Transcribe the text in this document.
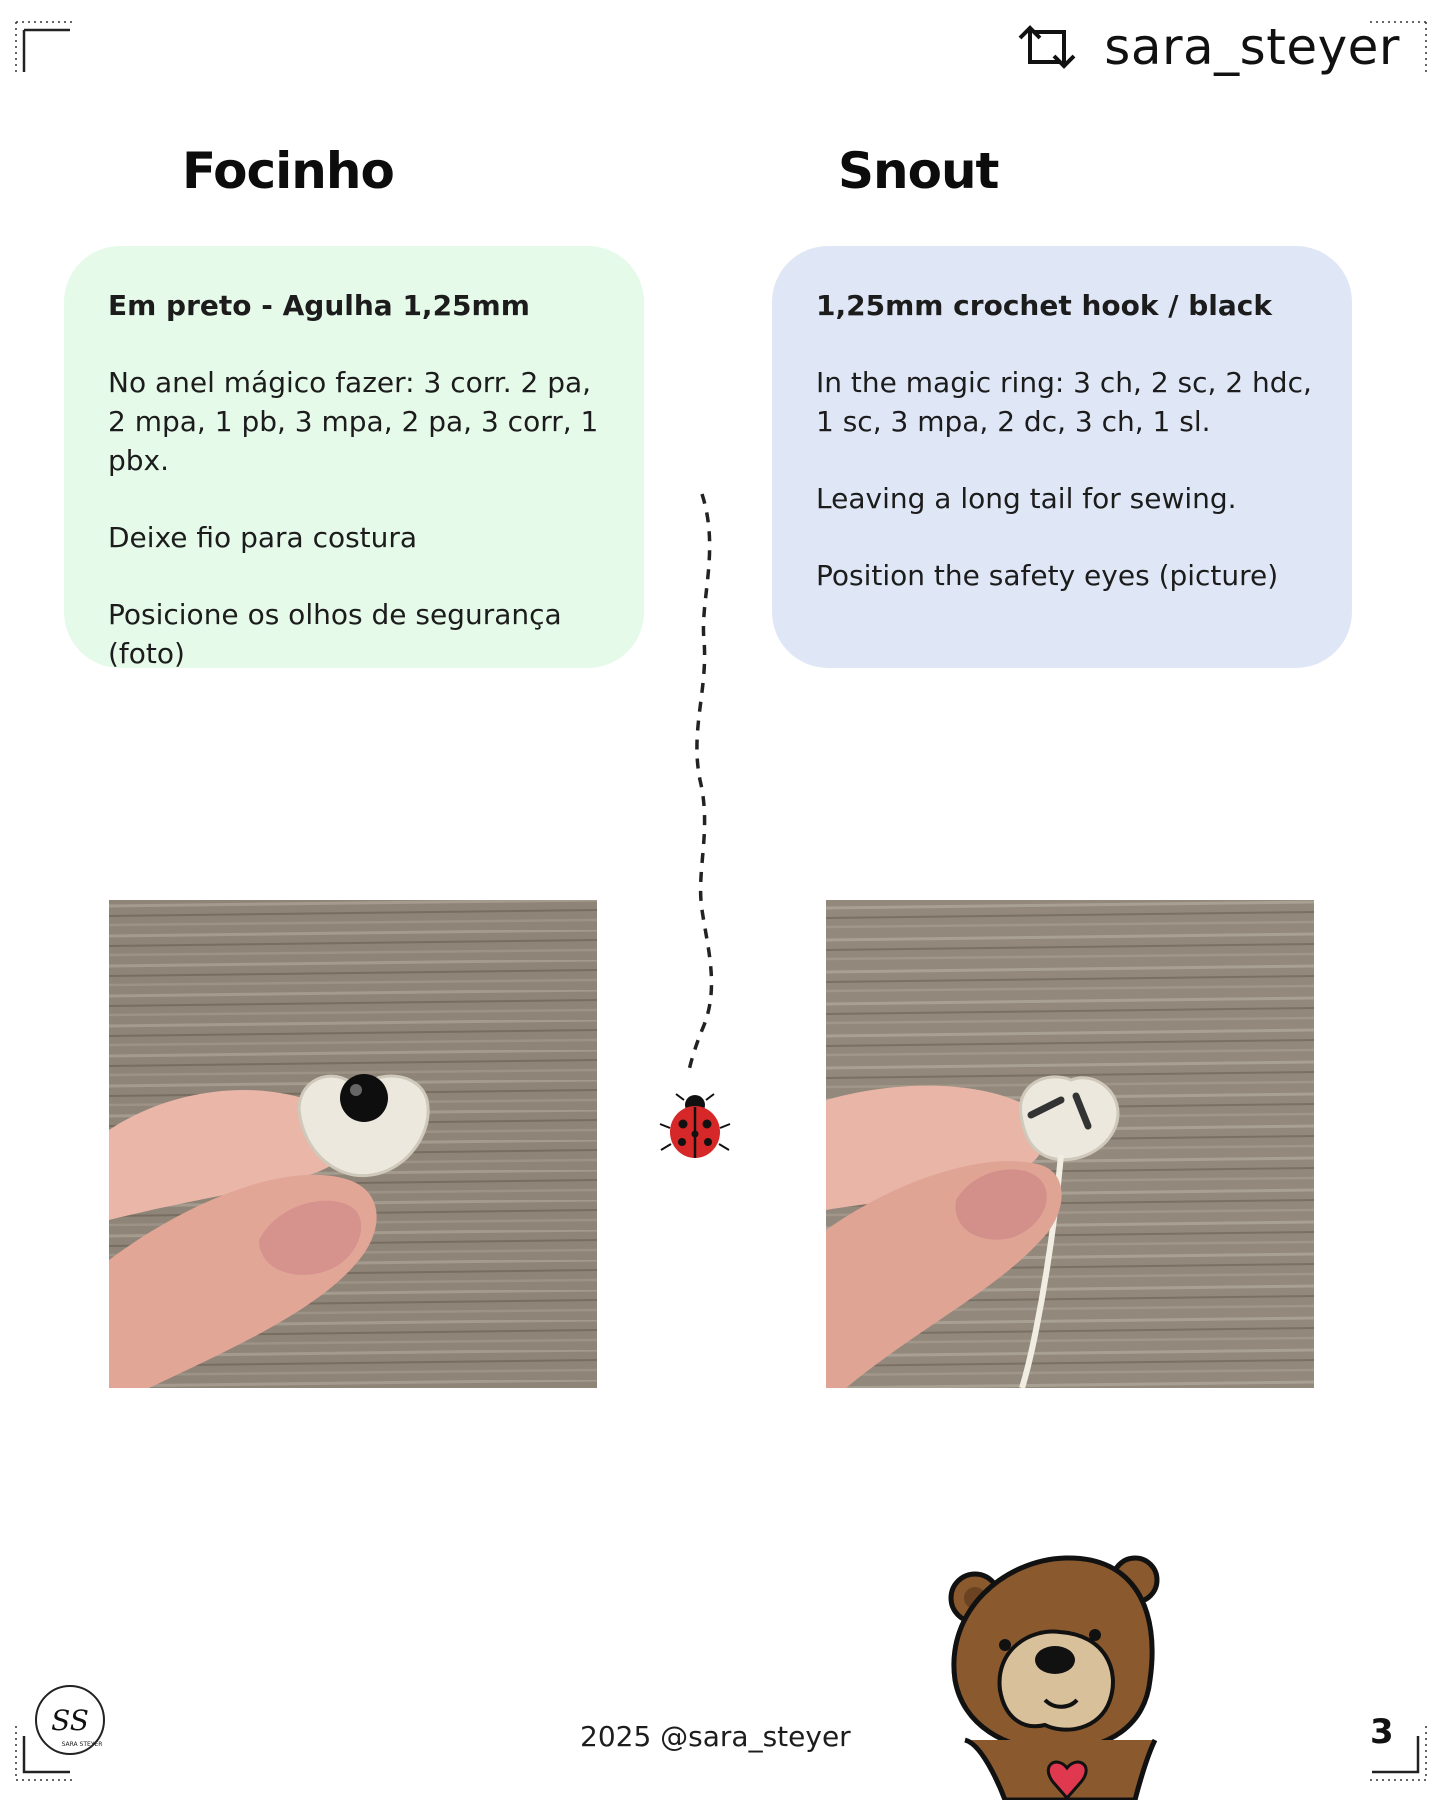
sara_steyer
Focinho	Snout
Em preto - Agulha 1,25mm

No anel mágico fazer: 3 corr. 2 pa, 2 mpa, 1 pb, 3 mpa, 2 pa, 3 corr, 1 pbx.

Deixe fio para costura

Posicione os olhos de segurança (foto)

1,25mm crochet hook / black

In the magic ring: 3 ch, 2 sc, 2 hdc, 1 sc, 3 mpa, 2 dc, 3 ch, 1 sl.

Leaving a long tail for sewing.

Position the safety eyes (picture)

SS
SARA STEYER	2025 @sara_steyer	3
